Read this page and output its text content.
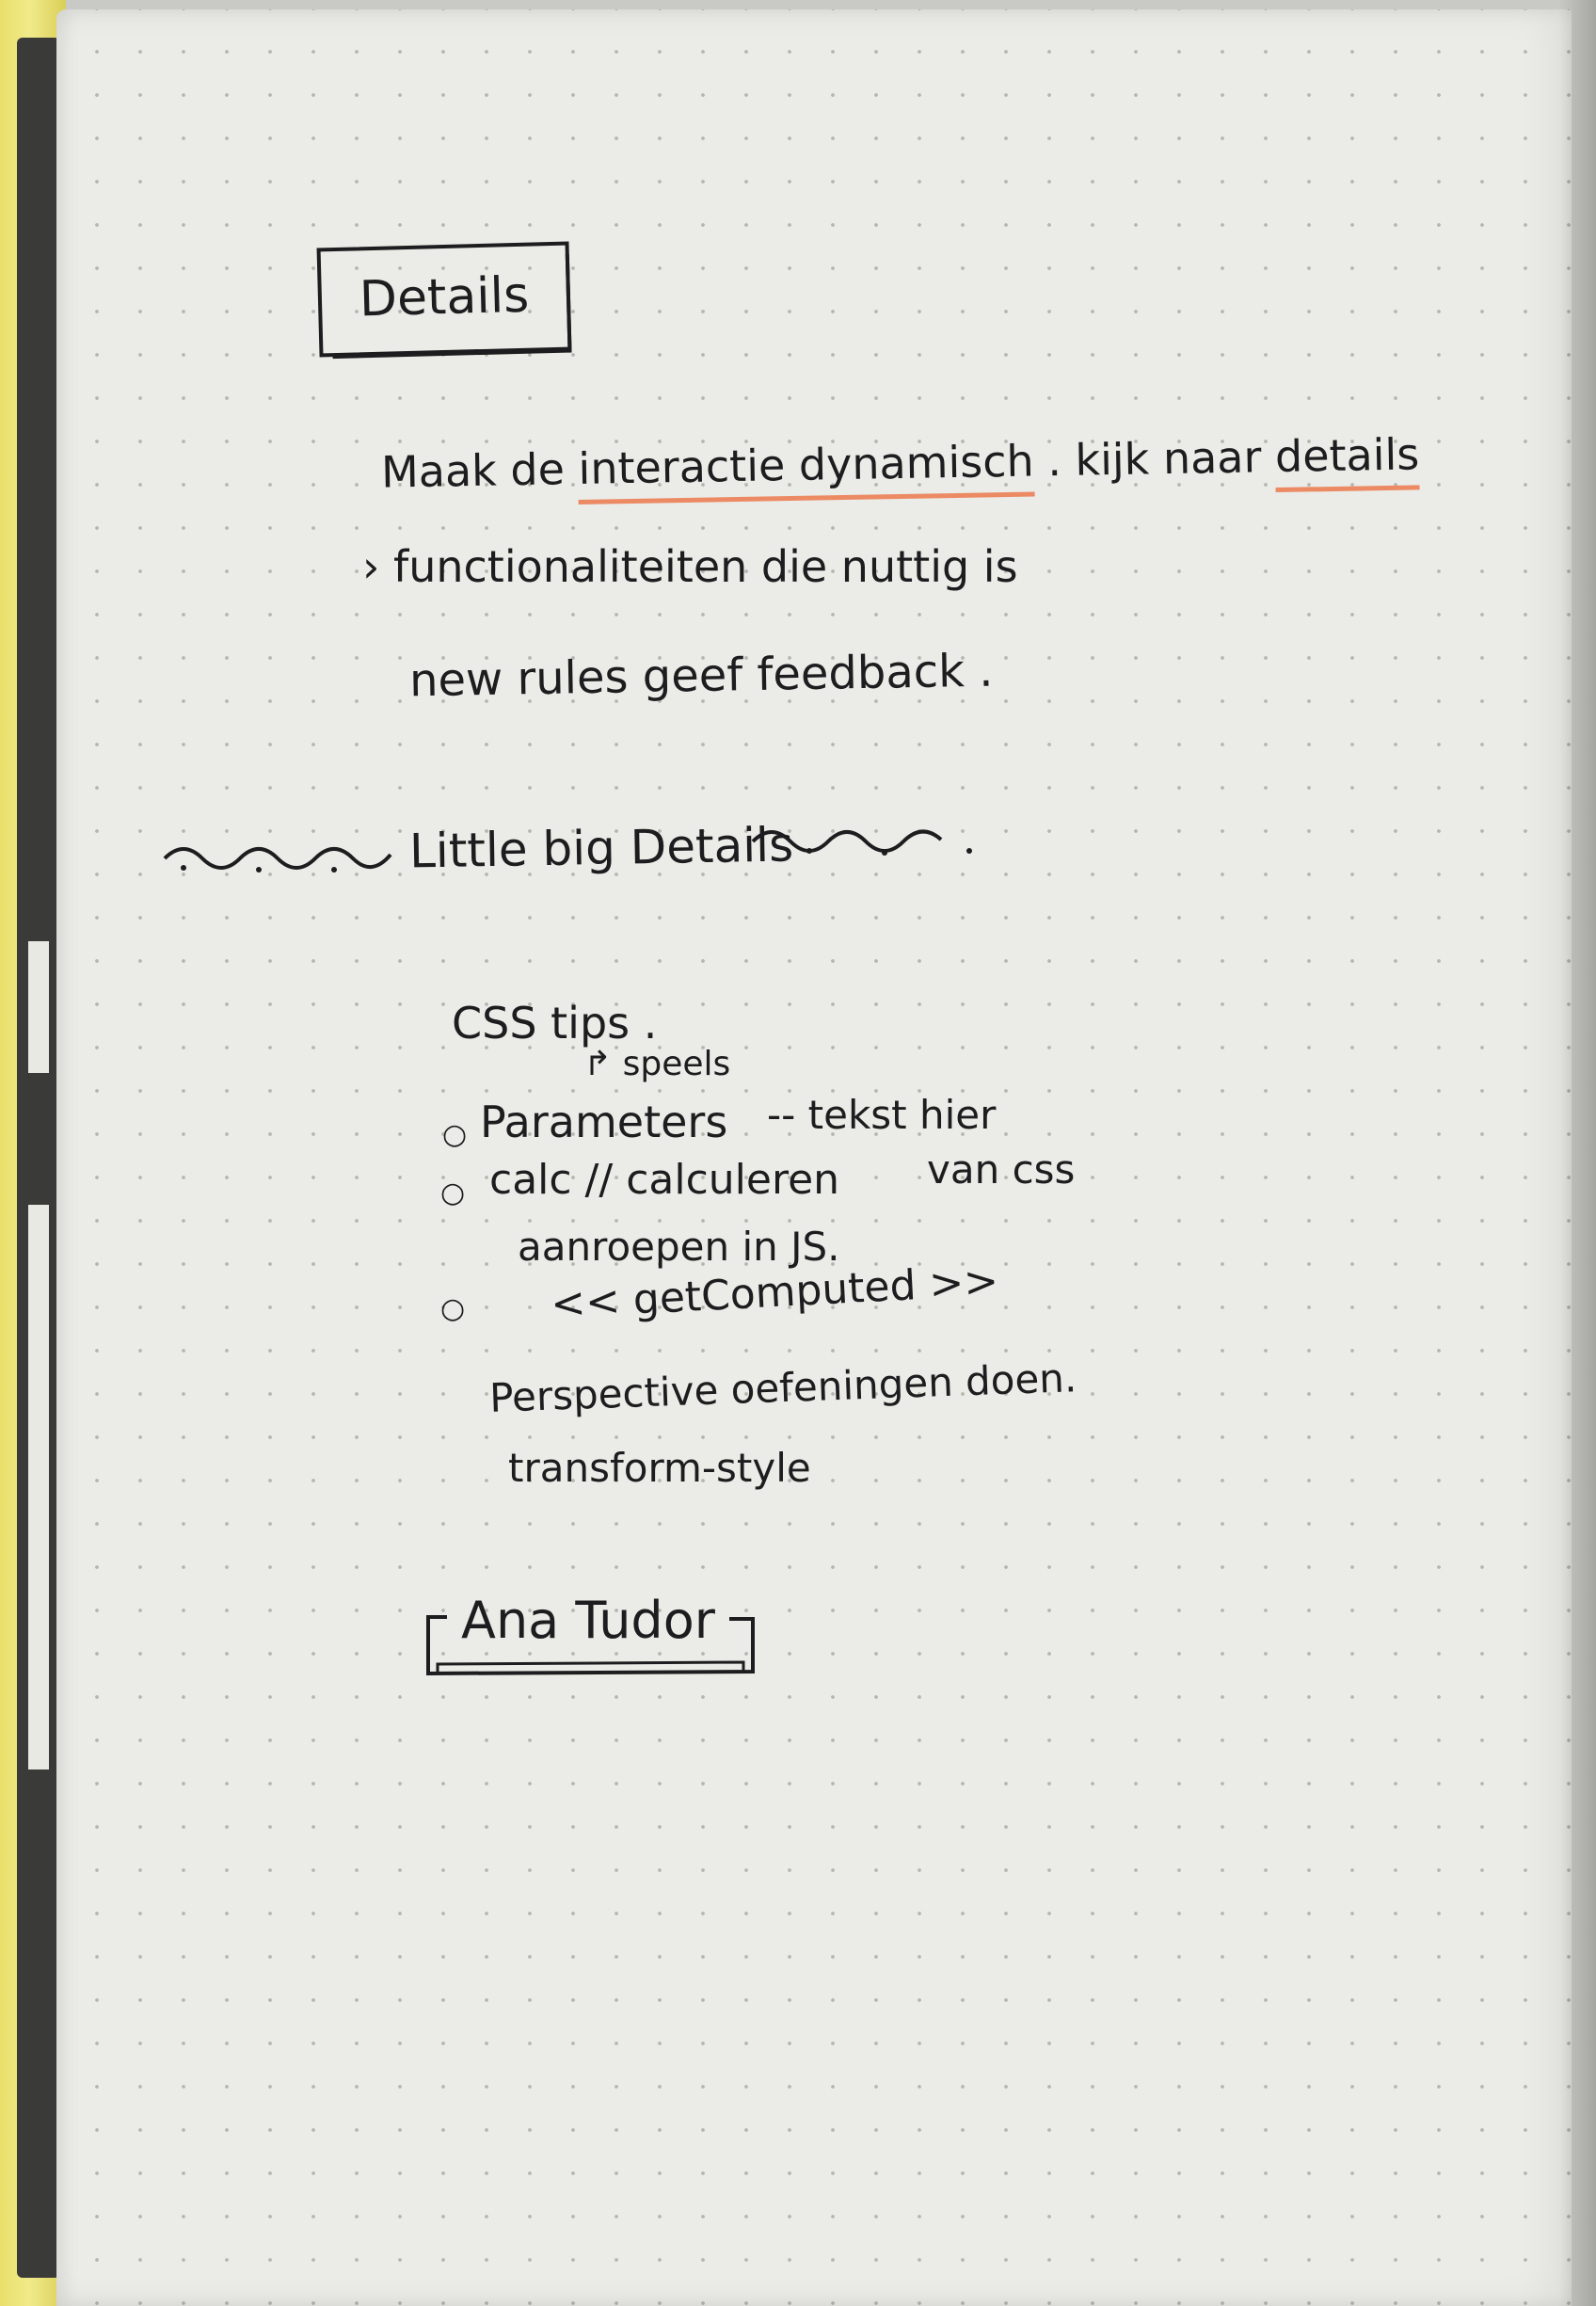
Details
Maak de interactie dynamisch . kijk naar details
› functionaliteiten die nuttig is
new rules geef feedback .
Little big Details
CSS tips .
↱ speels
○ Parameters -- tekst hier
○ calc // calculeren van css
aanroepen in JS.
○ << getComputed >>
Perspective oefeningen doen.
transform-style
Ana Tudor
